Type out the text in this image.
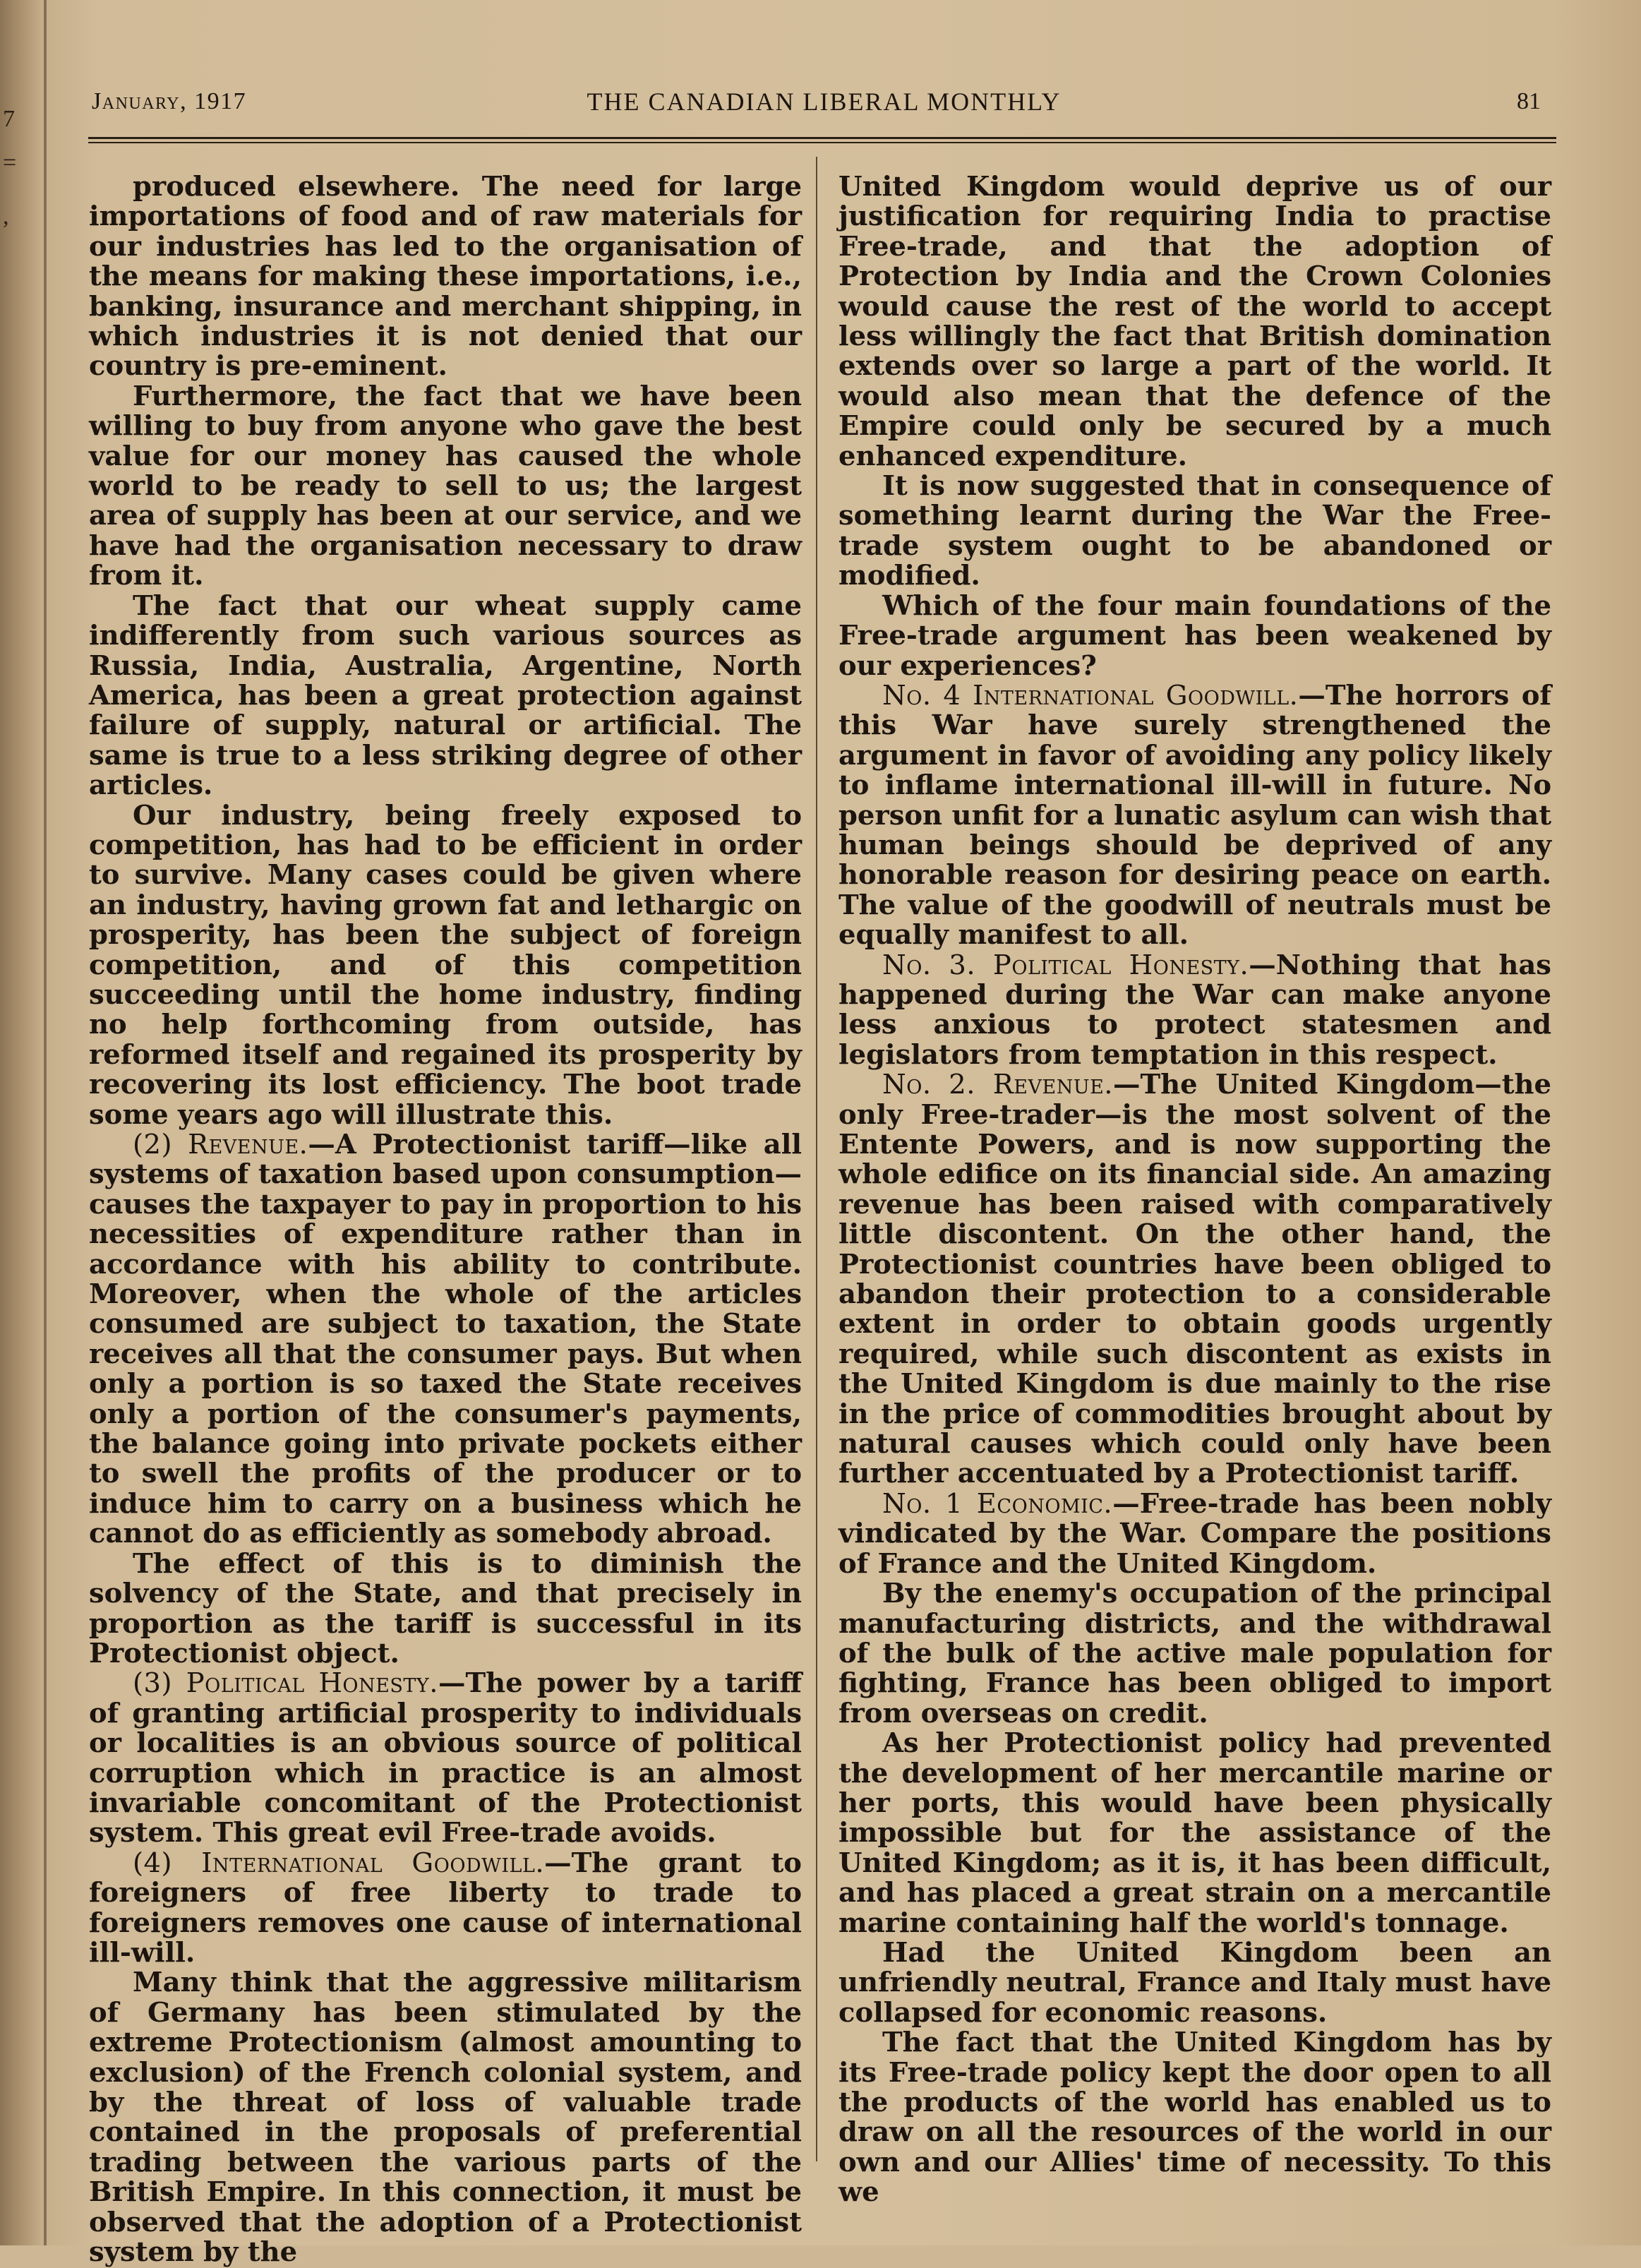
7
=
,
January, 1917	THE CANADIAN LIBERAL MONTHLY	81

produced elsewhere. The need for large importations of food and of raw materials for our industries has led to the organisation of the means for making these importations, i.e., banking, insurance and merchant shipping, in which industries it is not denied that our country is pre-eminent.

Furthermore, the fact that we have been willing to buy from anyone who gave the best value for our money has caused the whole world to be ready to sell to us; the largest area of supply has been at our service, and we have had the organisation necessary to draw from it.

The fact that our wheat supply came indifferently from such various sources as Russia, India, Australia, Argentine, North America, has been a great protection against failure of supply, natural or artificial. The same is true to a less striking degree of other articles.

Our industry, being freely exposed to competition, has had to be efficient in order to survive. Many cases could be given where an industry, having grown fat and lethargic on prosperity, has been the subject of foreign competition, and of this competition succeeding until the home industry, finding no help forthcoming from outside, has reformed itself and regained its prosperity by recovering its lost efficiency. The boot trade some years ago will illustrate this.

(2) Revenue.—A Protectionist tariff—like all systems of taxation based upon consumption—causes the taxpayer to pay in proportion to his necessities of expenditure rather than in accordance with his ability to contribute. Moreover, when the whole of the articles consumed are subject to taxation, the State receives all that the consumer pays. But when only a portion is so taxed the State receives only a portion of the consumer's payments, the balance going into private pockets either to swell the profits of the producer or to induce him to carry on a business which he cannot do as efficiently as somebody abroad.

The effect of this is to diminish the solvency of the State, and that precisely in proportion as the tariff is successful in its Protectionist object.

(3) Political Honesty.—The power by a tariff of granting artificial prosperity to individuals or localities is an obvious source of political corruption which in practice is an almost invariable concomitant of the Protectionist system. This great evil Free-trade avoids.

(4) International Goodwill.—The grant to foreigners of free liberty to trade to foreigners removes one cause of international ill-will.

Many think that the aggressive militarism of Germany has been stimulated by the extreme Protectionism (almost amounting to exclusion) of the French colonial system, and by the threat of loss of valuable trade contained in the proposals of preferential trading between the various parts of the British Empire. In this connection, it must be observed that the adoption of a Protectionist system by the

United Kingdom would deprive us of our justification for requiring India to practise Free-trade, and that the adoption of Protection by India and the Crown Colonies would cause the rest of the world to accept less willingly the fact that British domination extends over so large a part of the world. It would also mean that the defence of the Empire could only be secured by a much enhanced expenditure.

It is now suggested that in consequence of something learnt during the War the Free-trade system ought to be abandoned or modified.

Which of the four main foundations of the Free-trade argument has been weakened by our experiences?

No. 4 International Goodwill.—The horrors of this War have surely strengthened the argument in favor of avoiding any policy likely to inflame international ill-will in future. No person unfit for a lunatic asylum can wish that human beings should be deprived of any honorable reason for desiring peace on earth. The value of the goodwill of neutrals must be equally manifest to all.

No. 3. Political Honesty.—Nothing that has happened during the War can make anyone less anxious to protect statesmen and legislators from temptation in this respect.

No. 2. Revenue.—The United Kingdom—the only Free-trader—is the most solvent of the Entente Powers, and is now supporting the whole edifice on its financial side. An amazing revenue has been raised with comparatively little discontent. On the other hand, the Protectionist countries have been obliged to abandon their protection to a considerable extent in order to obtain goods urgently required, while such discontent as exists in the United Kingdom is due mainly to the rise in the price of commodities brought about by natural causes which could only have been further accentuated by a Protectionist tariff.

No. 1 Economic.—Free-trade has been nobly vindicated by the War. Compare the positions of France and the United Kingdom.

By the enemy's occupation of the principal manufacturing districts, and the withdrawal of the bulk of the active male population for fighting, France has been obliged to import from overseas on credit.

As her Protectionist policy had prevented the development of her mercantile marine or her ports, this would have been physically impossible but for the assistance of the United Kingdom; as it is, it has been difficult, and has placed a great strain on a mercantile marine containing half the world's tonnage.

Had the United Kingdom been an unfriendly neutral, France and Italy must have collapsed for economic reasons.

The fact that the United Kingdom has by its Free-trade policy kept the door open to all the products of the world has enabled us to draw on all the resources of the world in our own and our Allies' time of necessity. To this we
